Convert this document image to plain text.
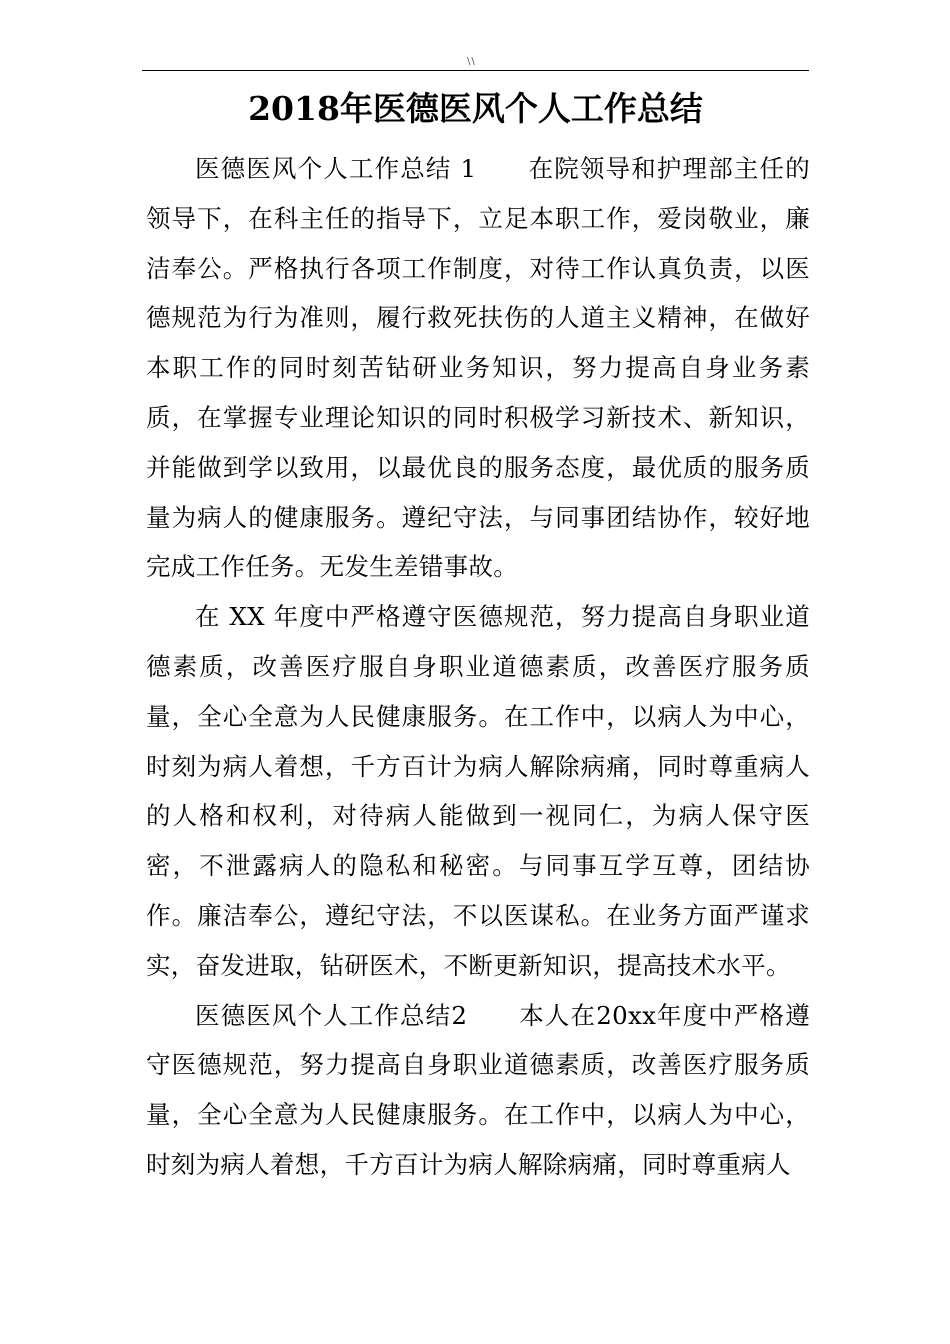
\\
2018年医德医风个人工作总结

医德医风个人工作总结 1　　在院领导和护理部主任的领导下，在科主任的指导下，立足本职工作，爱岗敬业，廉洁奉公。严格执行各项工作制度，对待工作认真负责，以医德规范为行为准则，履行救死扶伤的人道主义精神，在做好本职工作的同时刻苦钻研业务知识，努力提高自身业务素质，在掌握专业理论知识的同时积极学习新技术、新知识，并能做到学以致用，以最优良的服务态度，最优质的服务质量为病人的健康服务。遵纪守法，与同事团结协作，较好地完成工作任务。无发生差错事故。

在 XX 年度中严格遵守医德规范，努力提高自身职业道德素质，改善医疗服自身职业道德素质，改善医疗服务质量，全心全意为人民健康服务。在工作中，以病人为中心，时刻为病人着想，千方百计为病人解除病痛，同时尊重病人的人格和权利，对待病人能做到一视同仁，为病人保守医密，不泄露病人的隐私和秘密。与同事互学互尊，团结协作。廉洁奉公，遵纪守法，不以医谋私。在业务方面严谨求实，奋发进取，钻研医术，不断更新知识，提高技术水平。

医德医风个人工作总结2　　本人在20xx年度中严格遵守医德规范，努力提高自身职业道德素质，改善医疗服务质量，全心全意为人民健康服务。在工作中，以病人为中心，时刻为病人着想，千方百计为病人解除病痛，同时尊重病人
